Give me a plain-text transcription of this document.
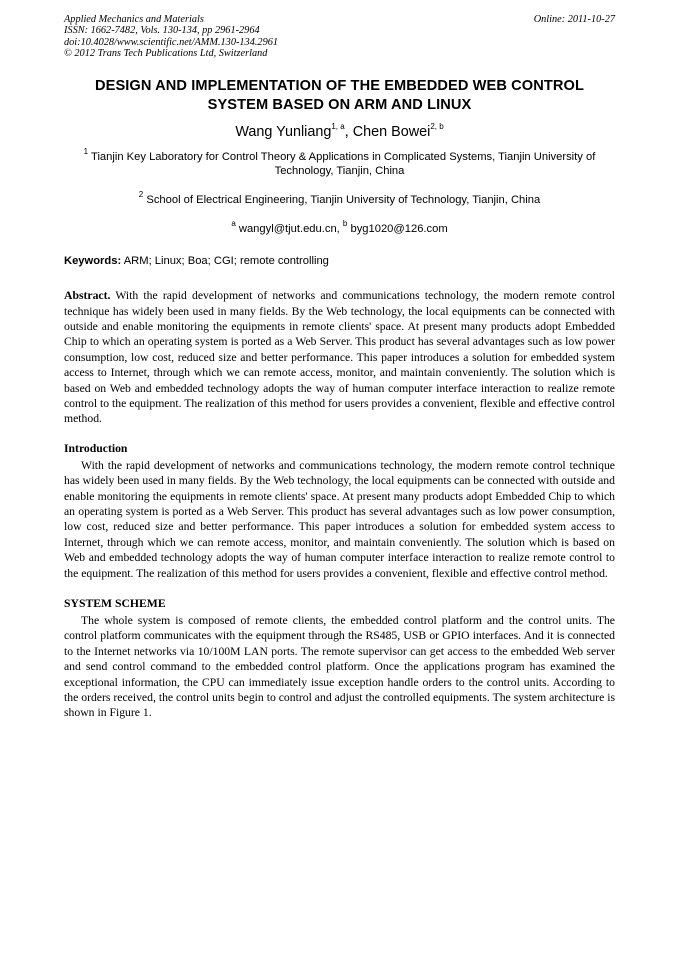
Applied Mechanics and Materials
ISSN: 1662-7482, Vols. 130-134, pp 2961-2964
doi:10.4028/www.scientific.net/AMM.130-134.2961
© 2012 Trans Tech Publications Ltd, Switzerland
Online: 2011-10-27
DESIGN AND IMPLEMENTATION OF THE EMBEDDED WEB CONTROL SYSTEM BASED ON ARM AND LINUX
Wang Yunliang$^{1, a}$, Chen Bowei$^{2, b}$
$^1$ Tianjin Key Laboratory for Control Theory & Applications in Complicated Systems, Tianjin University of Technology, Tianjin, China
$^2$ School of Electrical Engineering, Tianjin University of Technology, Tianjin, China
$^a$ wangyl@tjut.edu.cn, $^b$ byg1020@126.com
Keywords: ARM; Linux; Boa; CGI; remote controlling
Abstract. With the rapid development of networks and communications technology, the modern remote control technique has widely been used in many fields. By the Web technology, the local equipments can be connected with outside and enable monitoring the equipments in remote clients' space. At present many products adopt Embedded Chip to which an operating system is ported as a Web Server. This product has several advantages such as low power consumption, low cost, reduced size and better performance. This paper introduces a solution for embedded system access to Internet, through which we can remote access, monitor, and maintain conveniently. The solution which is based on Web and embedded technology adopts the way of human computer interface interaction to realize remote control to the equipment. The realization of this method for users provides a convenient, flexible and effective control method.
Introduction
With the rapid development of networks and communications technology, the modern remote control technique has widely been used in many fields. By the Web technology, the local equipments can be connected with outside and enable monitoring the equipments in remote clients' space. At present many products adopt Embedded Chip to which an operating system is ported as a Web Server. This product has several advantages such as low power consumption, low cost, reduced size and better performance. This paper introduces a solution for embedded system access to Internet, through which we can remote access, monitor, and maintain conveniently. The solution which is based on Web and embedded technology adopts the way of human computer interface interaction to realize remote control to the equipment. The realization of this method for users provides a convenient, flexible and effective control method.
SYSTEM SCHEME
The whole system is composed of remote clients, the embedded control platform and the control units. The control platform communicates with the equipment through the RS485, USB or GPIO interfaces. And it is connected to the Internet networks via 10/100M LAN ports. The remote supervisor can get access to the embedded Web server and send control command to the embedded control platform. Once the applications program has examined the exceptional information, the CPU can immediately issue exception handle orders to the control units. According to the orders received, the control units begin to control and adjust the controlled equipments. The system architecture is shown in Figure 1.
